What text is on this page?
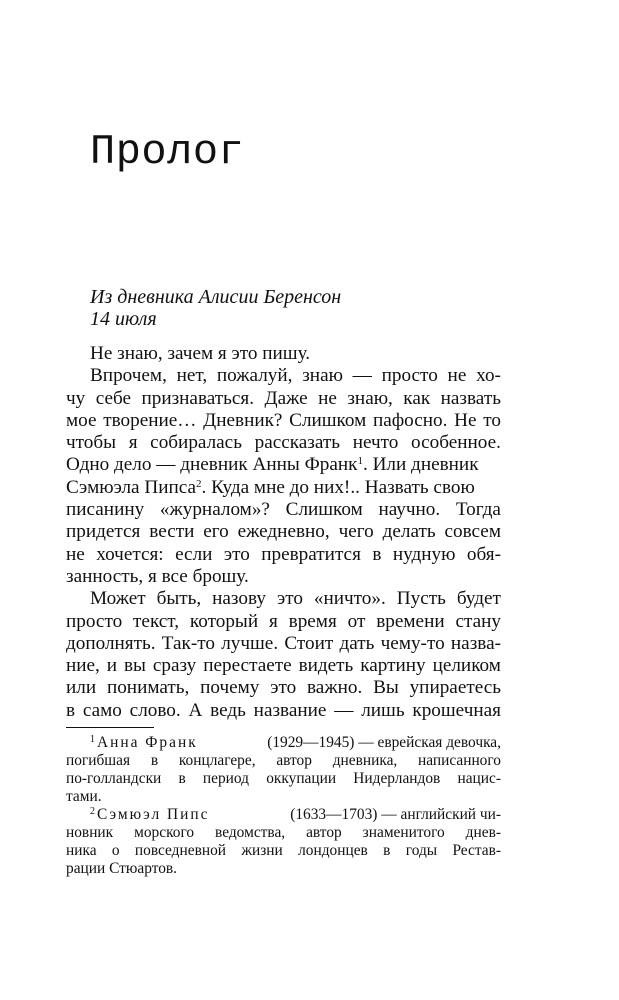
Пролог
Из дневника Алисии Беренсон
14 июля
Не знаю, зачем я это пишу.
Впрочем, нет, пожалуй, знаю — просто не хо-
чу себе признаваться. Даже не знаю, как назвать
мое творение… Дневник? Слишком пафосно. Не то
чтобы я собиралась рассказать нечто особенное.
Одно дело — дневник Анны Франк$^1$. Или дневник
Сэмюэла Пипса$^2$. Куда мне до них!.. Назвать свою
писанину «журналом»? Слишком научно. Тогда
придется вести его ежедневно, чего делать совсем
не хочется: если это превратится в нудную обя-
занность, я все брошу.
Может быть, назову это «ничто». Пусть будет
просто текст, который я время от времени стану
дополнять. Так-то лучше. Стоит дать чему-то назва-
ние, и вы сразу перестаете видеть картину целиком
или понимать, почему это важно. Вы упираетесь
в само слово. А ведь название — лишь крошечная
$^1$ Анна Франк	(1929—1945) — еврейская девочка,
погибшая в концлагере, автор дневника, написанного
по-голландски в период оккупации Нидерландов нацис-
тами.
$^2$ Сэмюэл Пипс	(1633—1703) — английский чи-
новник морского ведомства, автор знаменитого днев-
ника о повседневной жизни лондонцев в годы Рестав-
рации Стюартов.
